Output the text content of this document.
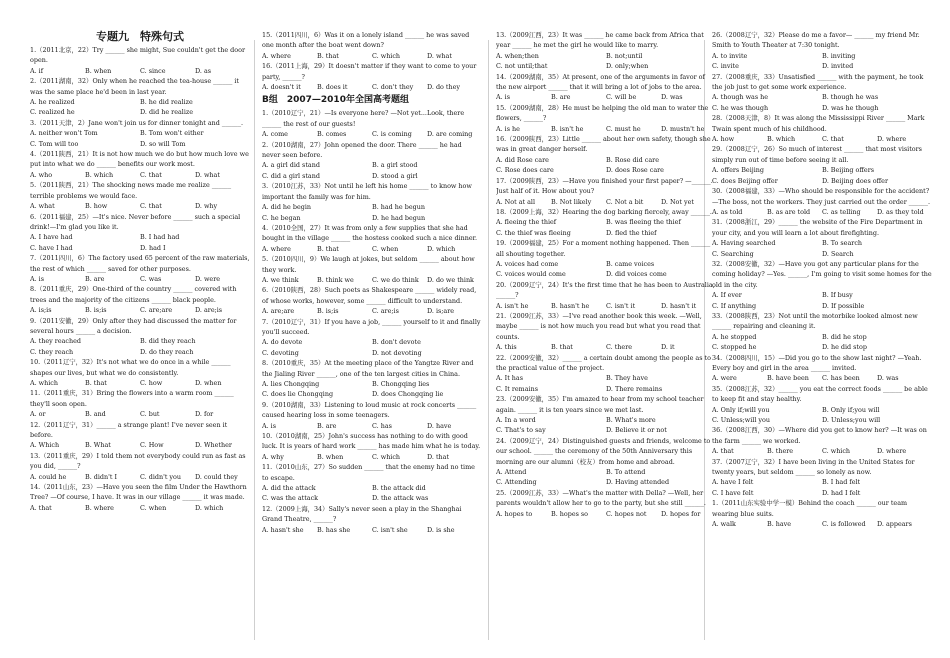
专题九　特殊句式
1.（2011北京，22）Try ______ she might, Sue couldn't get the door open.
A. if	B. when	C. since	D. as
2.（2011湖南，32）Only when he reached the tea-house ______ it was the same place he'd been in last year.
A. he realized	B. he did realize
C. realized he	D. did he realize
3.（2011天津，2）Jane won't join us for dinner tonight and ______.
A. neither won't Tom	B. Tom won't either
C. Tom will too	D. so will Tom
4.（2011陕西，21）It is not how much we do but how much love we put into what we do ______ benefits our work most.
A. who	B. which	C. that	D. what
5.（2011陕西，21）The shocking news made me realize ______ terrible problems we would face.
A. what	B. how	C. that	D. why
6.（2011福建，25）—It's nice. Never before ______ such a special drink!—I'm glad you like it.
A. I have had	B. I had had
C. have I had	D. had I
7.（2011四川，6）The factory used 65 percent of the raw materials, the rest of which ______ saved for other purposes.
A. is	B. are	C. was	D. were
8.（2011重庆，29）One-third of the country ______ covered with trees and the majority of the citizens ______ black people.
A. is;is	B. is;is	C. are;are	D. are;is
9.（2011安徽，29）Only after they had discussed the matter for several hours ______ a decision.
A. they reached	B. did they reach
C. they reach	D. do they reach
10.（2011辽宁，32）It's not what we do once in a while ______ shapes our lives, but what we do consistently.
A. which	B. that	C. how	D. when
11.（2011重庆，31）Bring the flowers into a warm room ______ they'll soon open.
A. or	B. and	C. but	D. for
12.（2011辽宁，31）______ a strange plant! I've never seen it before.
A. Which	B. What	C. How	D. Whether
13.（2011重庆，29）I told them not everybody could run as fast as you did, ______?
A. could he	B. didn't I	C. didn't you	D. could they
14.（2011山东，23）—Have you seen the film Under the Hawthorn Tree? —Of course, I have. It was in our village ______ it was made.
A. that	B. where	C. when	D. which
15.（2011四川，6）Was it on a lonely island ______ he was saved one month after the boat went down?
A. where	B. that	C. which	D. what
16.（2011上海，29）It doesn't matter if they want to come to your party, ______?
A. doesn't it	B. does it	C. don't they	D. do they
B组　2007—2010年全国高考题组
1.（2010辽宁，21）—Is everyone here? —Not yet...Look, there ______ the rest of our guests!
A. come	B. comes	C. is coming	D. are coming
2.（2010湖南，27）John opened the door. There ______ he had never seen before.
A. a girl did stand	B. a girl stood
C. did a girl stand	D. stood a girl
3.（2010江苏，33）Not until he left his home ______ to know how important the family was for him.
A. did he begin	B. had he begun
C. he began	D. he had begun
4.（2010全国，27）It was from only a few supplies that she had bought in the village ______ the hostess cooked such a nice dinner.
A. where	B. that	C. when	D. which
5.（2010四川，9）We laugh at jokes, but seldom ______ about how they work.
A. we think	B. think we	C. we do think	D. do we think
6.（2010陕西，28）Such poets as Shakespeare ______ widely read, of whose works, however, some ______ difficult to understand.
A. are;are	B. is;is	C. are;is	D. is;are
7.（2010辽宁，31）If you have a job, ______ yourself to it and finally you'll succeed.
A. do devote	B. don't devote
C. devoting	D. not devoting
8.（2010重庆，35）At the meeting place of the Yangtze River and the Jialing River ______, one of the ten largest cities in China.
A. lies Chongqing	B. Chongqing lies
C. does lie Chongqing	D. does Chongqing lie
9.（2010湖南，33）Listening to loud music at rock concerts ______ caused hearing loss in some teenagers.
A. is	B. are	C. has	D. have
10.（2010湖南，25）John's success has nothing to do with good luck. It is years of hard work ______ has made him what he is today.
A. why	B. when	C. which	D. that
11.（2010山东，27）So sudden ______ that the enemy had no time to escape.
A. did the attack	B. the attack did
C. was the attack	D. the attack was
12.（2009上海，34）Sally's never seen a play in the Shanghai Grand Theatre, ______?
A. hasn't she	B. has she	C. isn't she	D. is she
13.（2009江西，23）It was ______ he came back from Africa that year ______ he met the girl he would like to marry.
A. when;then	B. not;until
C. not until;that	D. only;when
14.（2009湖南，35）At present, one of the arguments in favor of the new airport ______ that it will bring a lot of jobs to the area.
A. is	B. are	C. will be	D. was
15.（2009湖南，28）He must be helping the old man to water the flowers, ______?
A. is he	B. isn't he	C. must he	D. mustn't he
16.（2009陕西，23）Little ______ about her own safety, though she was in great danger herself.
A. did Rose care	B. Rose did care
C. Rose does care	D. does Rose care
17.（2009陕西，23）—Have you finished your first paper? —______. Just half of it. How about you?
A. Not at all	B. Not likely	C. Not a bit	D. Not yet
18.（2009上海，32）Hearing the dog barking fiercely, away ______.
A. fleeing the thief	B. was fleeing the thief
C. the thief was fleeing	D. fled the thief
19.（2009福建，25）For a moment nothing happened. Then ______ all shouting together.
A. voices had come	B. came voices
C. voices would come	D. did voices come
20.（2009辽宁，24）It's the first time that he has been to Australia, ______?
A. isn't he	B. hasn't he	C. isn't it	D. hasn't it
21.（2009江苏，33）—I've read another book this week. —Well, maybe ______ is not how much you read but what you read that counts.
A. this	B. that	C. there	D. it
22.（2009安徽，32）______ a certain doubt among the people as to the practical value of the project.
A. It has	B. They have
C. It remains	D. There remains
23.（2009安徽，35）I'm amazed to hear from my school teacher again. ______ it is ten years since we met last.
A. In a word	B. What's more
C. That's to say	D. Believe it or not
24.（2009辽宁，24）Distinguished guests and friends, welcome to our school. ______ the ceremony of the 50th Anniversary this morning are our alumni（校友）from home and abroad.
A. Attend	B. To attend
C. Attending	D. Having attended
25.（2009江苏，33）—What's the matter with Della? —Well, her parents wouldn't allow her to go to the party, but she still ______.
A. hopes to	B. hopes so	C. hopes not	D. hopes for
26.（2008辽宁，32）Please do me a favor— ______ my friend Mr. Smith to Youth Theater at 7:30 tonight.
A. to invite	B. inviting
C. invite	D. invited
27.（2008重庆，33）Unsatisfied ______ with the payment, he took the job just to get some work experience.
A. though was he	B. though he was
C. he was though	D. was he though
28.（2008天津，8）It was along the Mississippi River ______ Mark Twain spent much of his childhood.
A. how	B. which	C. that	D. where
29.（2008辽宁，26）So much of interest ______ that most visitors simply run out of time before seeing it all.
A. offers Beijing	B. Beijing offers
C. does Beijing offer	D. Beijing does offer
30.（2008福建，33）—Who should be responsible for the accident? —The boss, not the workers. They just carried out the order ______.
A. as told	B. as are told	C. as telling	D. as they told
31.（2008浙江，29）______ the website of the Fire Department in your city, and you will learn a lot about firefighting.
A. Having searched	B. To search
C. Searching	D. Search
32.（2008安徽，32）—Have you got any particular plans for the coming holiday? —Yes. ______, I'm going to visit some homes for the old in the city.
A. If ever	B. If busy
C. If anything	D. If possible
33.（2008陕西，23）Not until the motorbike looked almost new ______ repairing and cleaning it.
A. he stopped	B. did he stop
C. stopped he	D. he did stop
34.（2008四川，15）—Did you go to the show last night? —Yeah. Every boy and girl in the area ______ invited.
A. were	B. have been	C. has been	D. was
35.（2008江苏，32）______ you eat the correct foods ______ be able to keep fit and stay healthy.
A. Only if;will you	B. Only if;you will
C. Unless;will you	D. Unless;you will
36.（2008江西，30）—Where did you get to know her? —It was on the farm ______ we worked.
A. that	B. there	C. which	D. where
37.（2007辽宁，32）I have been living in the United States for twenty years, but seldom ______ so lonely as now.
A. have I felt	B. I had felt
C. I have felt	D. had I felt
1.（2011山东实验中学一模）Behind the coach ______ our team wearing blue suits.
A. walk	B. have	C. is followed	D. appears
